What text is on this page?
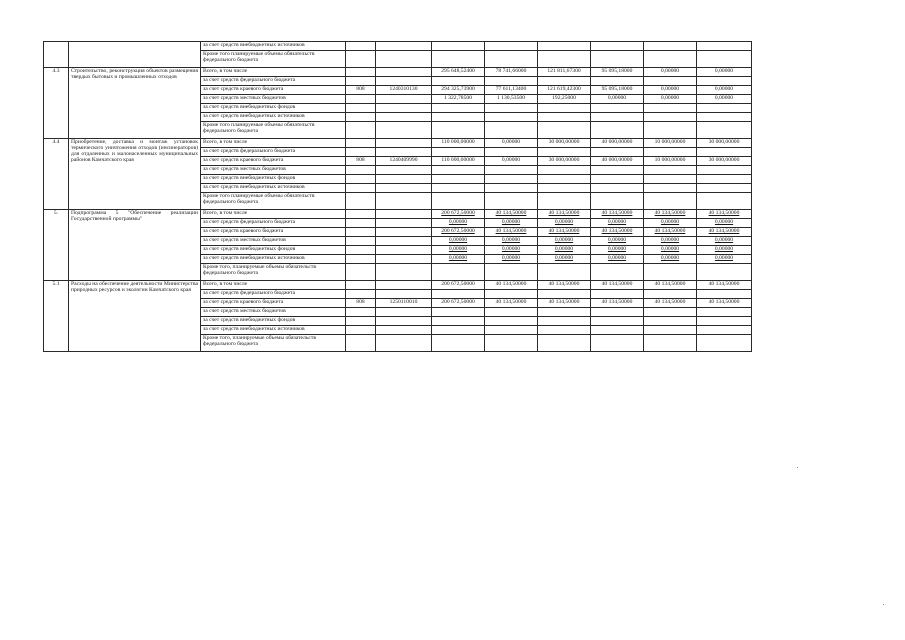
		за счет средств внебюджетных источников								
		Кроме того планируемые объемы обязательств федерального бюджета								
4.3	Строительство, реконструкция объектов размещения твердых бытовых и промышленных отходов	Всего, в том числе			295 648,52400	78 741,66000	121 811,67300	95 095,18000	0,00000	0,00000
		за счет средств федерального бюджета								
		за счет средств краевого бюджета	808	1240310130	294 325,73900	77 611,13400	121 619,42300	95 095,18000	0,00000	0,00000
		за счет средств местных бюджетов			1 322,78500	1 130,53500	192,25000	0,00000	0,00000	0,00000
		за счет средств внебюджетных фондов								
		за счет средств внебюджетных источников								
		Кроме того планируемые объемы обязательств федерального бюджета								
4.4	Приобретение, доставка и монтаж установок термического уничтожения отходов (инсинераторов) для отдаленных и малонаселенных муниципальных районов Камчатского края	Всего, в том числе			110 000,00000	0,00000	30 000,00000	40 000,00000	10 000,00000	30 000,00000
		за счет средств федерального бюджета								
		за счет средств краевого бюджета	808	1240409990	110 000,00000	0,00000	30 000,00000	40 000,00000	10 000,00000	30 000,00000
		за счет средств местных бюджетов								
		за счет средств внебюджетных фондов								
		за счет средств внебюджетных источников								
		Кроме того планируемые объемы обязательств федерального бюджета								
5.	Подпрограмма 5 "Обеспечение реализации Государственной программы"	Всего, в том числе			200 672,50000	40 134,50000	40 134,50000	40 134,50000	40 134,50000	40 134,50000
		за счет средств федерального бюджета			0,00000	0,00000	0,00000	0,00000	0,00000	0,00000
		за счет средств краевого бюджета			200 672,50000	40 134,50000	40 134,50000	40 134,50000	40 134,50000	40 134,50000
		за счет средств местных бюджетов			0,00000	0,00000	0,00000	0,00000	0,00000	0,00000
		за счет средств внебюджетных фондов			0,00000	0,00000	0,00000	0,00000	0,00000	0,00000
		за счет средств внебюджетных источников			0,00000	0,00000	0,00000	0,00000	0,00000	0,00000
		Кроме того, планируемые объемы обязательств федерального бюджета								
5.1	Расходы на обеспечение деятельности Министерства природных ресурсов и экологии Камчатского края	Всего, в том числе			200 672,50000	40 134,50000	40 134,50000	40 134,50000	40 134,50000	40 134,50000
		за счет средств федерального бюджета								
		за счет средств краевого бюджета	808	1250110010	200 672,50000	40 134,50000	40 134,50000	40 134,50000	40 134,50000	40 134,50000
		за счет средств местных бюджетов								
		за счет средств внебюджетных фондов								
		за счет средств внебюджетных источников								
		Кроме того, планируемые объемы обязательств федерального бюджета								
